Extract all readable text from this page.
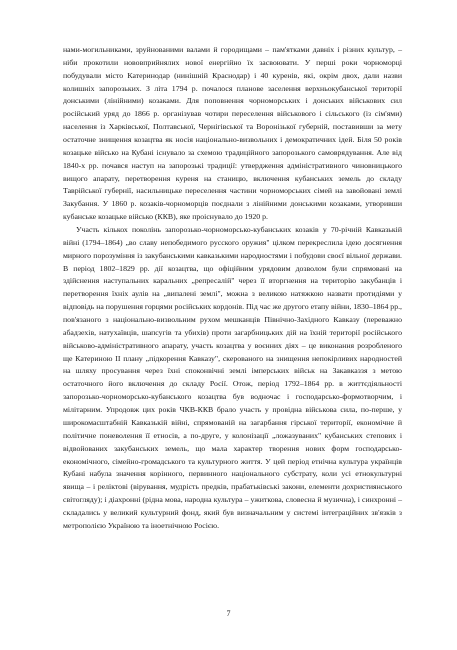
нами-могильниками, зруйнованими валами й городищами – пам'ятками давніх і різних культур, – ніби прокотили нововприйнялих нової енергійно їх засвоювати. У перші роки чорноморці побудували місто Катеринодар (нинішній Краснодар) і 40 куренів, які, окрім двох, дали назви колишніх запорозьких. З літа 1794 р. почалося планове заселення верхньокубанської території донськими (лінійними) козаками. Для поповнення чорноморських і донських військових сил російський уряд до 1866 р. організував чотири переселення військового і сільського (із сім'ями) населення із Харківської, Полтавської, Чернігівської та Воронізької губерній, поставивши за мету остаточне знищення козацтва як носія національно-визвольних і демократичних ідей. Біля 50 років козацьке військо на Кубані існувало за схемою традиційного запорозького самоврядування. Але від 1840-х рр. почався наступ на запорозькі традиції: утвердження адміністративного чиновницького вищого апарату, перетворення куреня на станицю, включення кубанських земель до складу Таврійської губернії, насильницьке переселення частини чорноморських сімей на завойовані землі Закубання. У 1860 р. козаків-чорноморців поєднали з лінійними донськими козаками, утворивши кубанське козацьке військо (ККВ), яке проіснувало до 1920 р.

Участь кількох поколінь запорозько-чорноморсько-кубанських козаків у 70-річній Кавказькій війні (1794–1864) „во славу непобедимого русского оружия" цілком перекреслила ідею досягнення мирного порозуміння із закубанськими кавказькими народностями і побудови своєї вільної держави. В період 1802–1829 рр. дії козацтва, що офіційним урядовим дозволом були спрямовані на здійснення наступальних каральних „репресалій" через її вторгнення на територію закубанців і перетворення їхніх аулів на „випалені землі", можна з великою натяжкою назвати протидіями у відповідь на порушення горцями російських кордонів. Під час же другого етапу війни, 1830–1864 рр., пов'язаного з національно-визвольним рухом мешканців Північно-Західного Кавказу (переважно абадзехів, натухаївців, шапсугів та убихів) проти загарбницьких дій на їхній території російського військово-адміністративного апарату, участь козацтва у воєнних діях – це виконання розробленого ще Катериною ІІ плану „підкорення Кавказу", скерованого на знищення непокірливих народностей на шляху просування через їхні споконвічні землі імперських військ на Закавказзя з метою остаточного його включення до складу Росії. Отож, період 1792–1864 рр. в життєдіяльності запорозько-чорноморсько-кубанського козацтва був водночас і господарсько-формотворчим, і мілітарним. Упродовж цих років ЧКВ-ККВ брало участь у провідна військова сила, по-перше, у широкомасштабній Кавказькій війні, спрямованій на загарбання гірської території, економічне й політичне поневолення її етносів, а по-друге, у колонізації „ложазуваних" кубанських степових і відвойованих закубанських земель, що мала характер творення нових форм господарсько-економічного, сімейно-громадського та культурного життя. У цей період етнічна культура українців Кубані набула значення корінного, первинного національного субстрату, коли усі етнокультурні явища – і реліктові (вірування, мудрість предків, прабатьківські закони, елементи дохристиянського світогляду); і діахронні (рідна мова, народна культура – ужиткова, словесна й музична), і синхронні – складались у великий культурний фонд, який був визначальним у системі інтеграційних зв'язків з метрополією Україною та іноетнічною Росією.

7
